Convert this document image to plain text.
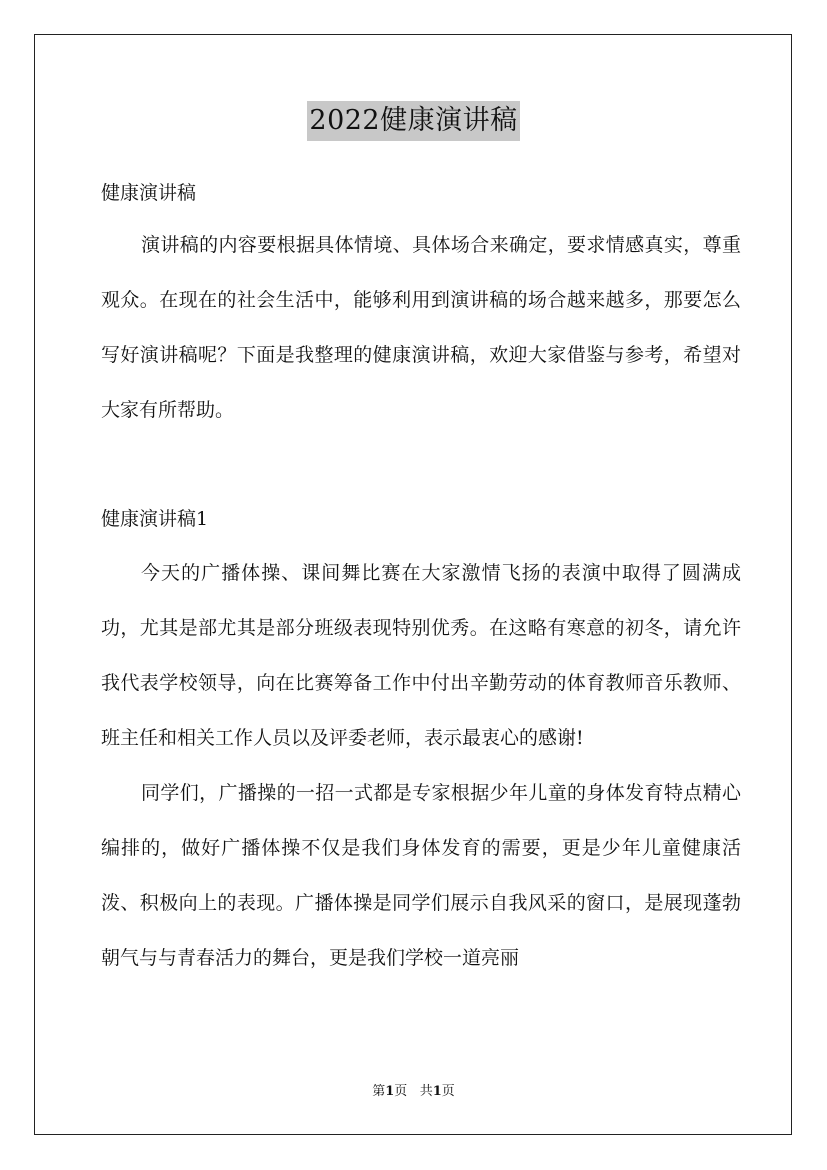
2022健康演讲稿
健康演讲稿

演讲稿的内容要根据具体情境、具体场合来确定，要求情感真实，尊重观众。在现在的社会生活中，能够利用到演讲稿的场合越来越多，那要怎么写好演讲稿呢？下面是我整理的健康演讲稿，欢迎大家借鉴与参考，希望对大家有所帮助。

健康演讲稿1

今天的广播体操、课间舞比赛在大家激情飞扬的表演中取得了圆满成功，尤其是部尤其是部分班级表现特别优秀。在这略有寒意的初冬，请允许我代表学校领导，向在比赛筹备工作中付出辛勤劳动的体育教师音乐教师、班主任和相关工作人员以及评委老师，表示最衷心的感谢!

同学们，广播操的一招一式都是专家根据少年儿童的身体发育特点精心编排的，做好广播体操不仅是我们身体发育的需要，更是少年儿童健康活泼、积极向上的表现。广播体操是同学们展示自我风采的窗口，是展现蓬勃朝气与与青春活力的舞台，更是我们学校一道亮丽

第1页 共1页
